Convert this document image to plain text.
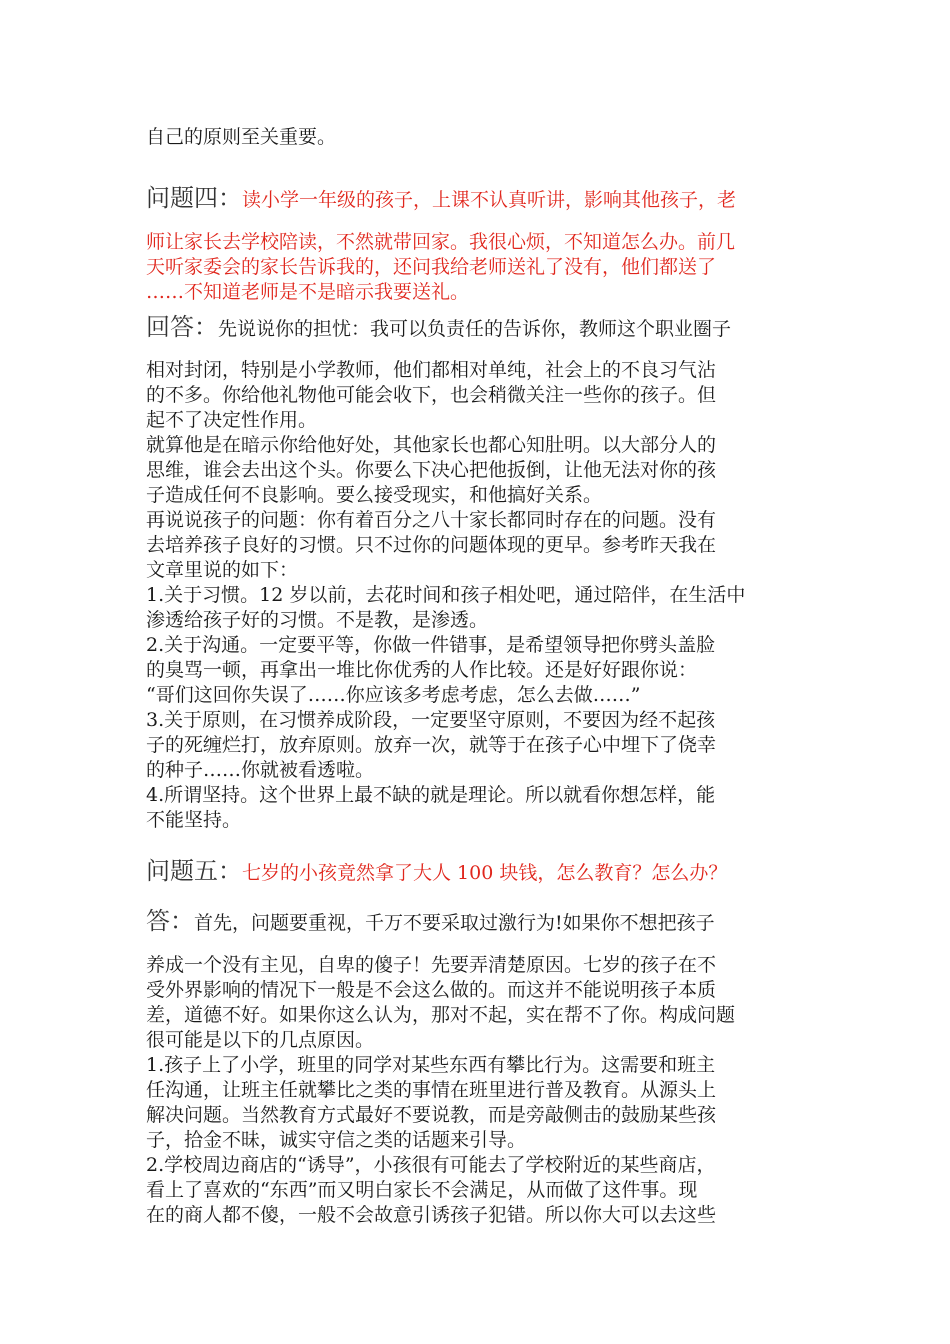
自己的原则至关重要。
问题四：读小学一年级的孩子，上课不认真听讲，影响其他孩子，老
师让家长去学校陪读，不然就带回家。我很心烦，不知道怎么办。前几
天听家委会的家长告诉我的，还问我给老师送礼了没有，他们都送了
……不知道老师是不是暗示我要送礼。
回答：先说说你的担忧：我可以负责任的告诉你，教师这个职业圈子
相对封闭，特别是小学教师，他们都相对单纯，社会上的不良习气沾
的不多。你给他礼物他可能会收下，也会稍微关注一些你的孩子。但
起不了决定性作用。
就算他是在暗示你给他好处，其他家长也都心知肚明。以大部分人的
思维，谁会去出这个头。你要么下决心把他扳倒，让他无法对你的孩
子造成任何不良影响。要么接受现实，和他搞好关系。
再说说孩子的问题：你有着百分之八十家长都同时存在的问题。没有
去培养孩子良好的习惯。只不过你的问题体现的更早。参考昨天我在
文章里说的如下：
1.关于习惯。12 岁以前，去花时间和孩子相处吧，通过陪伴，在生活中
渗透给孩子好的习惯。不是教，是渗透。
2.关于沟通。一定要平等，你做一件错事，是希望领导把你劈头盖脸
的臭骂一顿，再拿出一堆比你优秀的人作比较。还是好好跟你说：
“哥们这回你失误了……你应该多考虑考虑，怎么去做……”
3.关于原则，在习惯养成阶段，一定要坚守原则，不要因为经不起孩
子的死缠烂打，放弃原则。放弃一次，就等于在孩子心中埋下了侥幸
的种子……你就被看透啦。
4.所谓坚持。这个世界上最不缺的就是理论。所以就看你想怎样，能
不能坚持。
问题五：七岁的小孩竟然拿了大人 100 块钱，怎么教育？怎么办？
答：首先，问题要重视，千万不要采取过激行为!如果你不想把孩子
养成一个没有主见，自卑的傻子！先要弄清楚原因。七岁的孩子在不
受外界影响的情况下一般是不会这么做的。而这并不能说明孩子本质
差，道德不好。如果你这么认为，那对不起，实在帮不了你。构成问题
很可能是以下的几点原因。
1.孩子上了小学，班里的同学对某些东西有攀比行为。这需要和班主
任沟通，让班主任就攀比之类的事情在班里进行普及教育。从源头上
解决问题。当然教育方式最好不要说教，而是旁敲侧击的鼓励某些孩
子，拾金不昧，诚实守信之类的话题来引导。
2.学校周边商店的“诱导”，小孩很有可能去了学校附近的某些商店，
看上了喜欢的“东西”而又明白家长不会满足，从而做了这件事。现
在的商人都不傻，一般不会故意引诱孩子犯错。所以你大可以去这些
